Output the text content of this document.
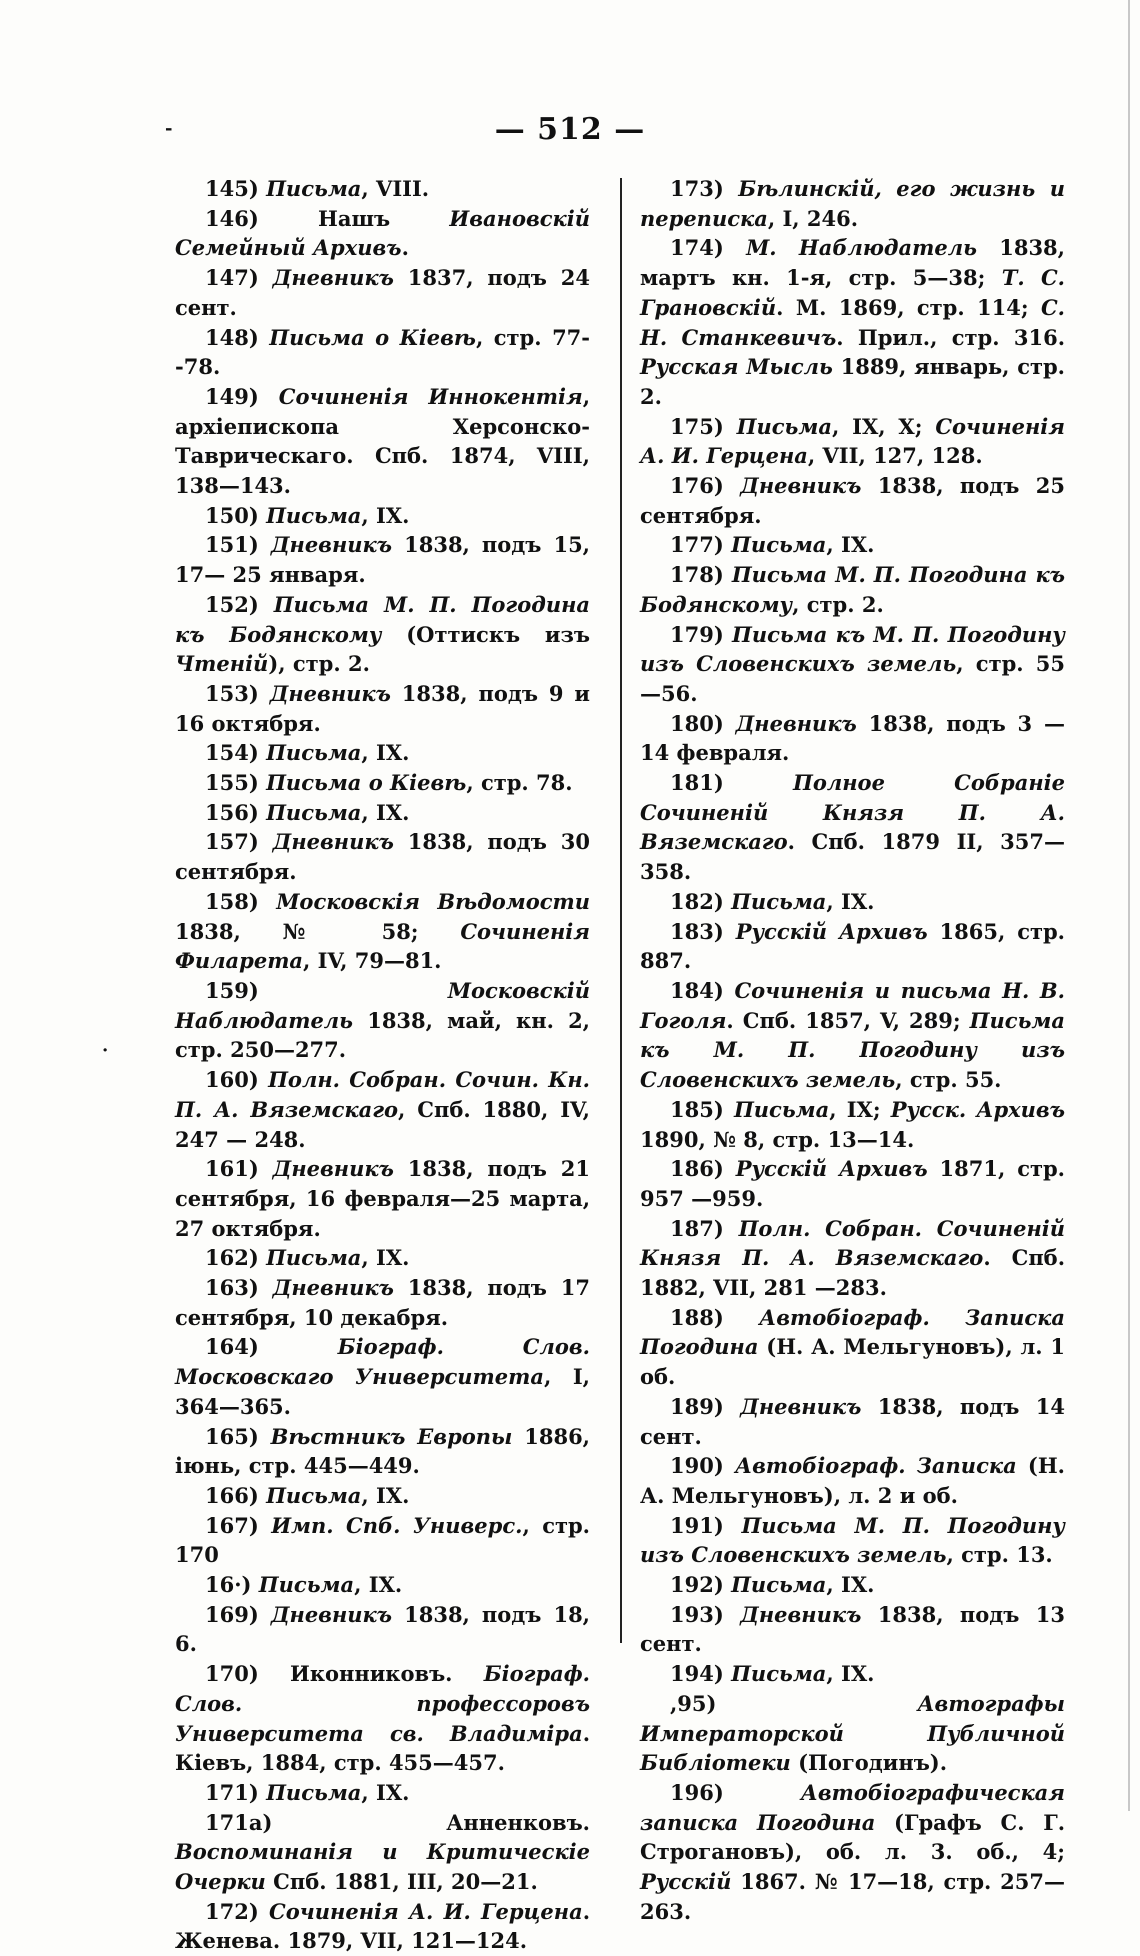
— 512 —
-
·

145) Письма, VIII.

146) Нашъ Ивановскій Семейный Архивъ.

147) Дневникъ 1837, подъ 24 сент.

148) Письма о Кіевѣ, стр. 77--78.

149) Сочиненія Иннокентія, архіепископа Херсонско-Таврическаго. Спб. 1874, VIII, 138—143.

150) Письма, IX.

151) Дневникъ 1838, подъ 15, 17— 25 января.

152) Письма М. П. Погодина къ Бодянскому (Оттискъ изъ Чтеній), стр. 2.

153) Дневникъ 1838, подъ 9 и 16 октября.

154) Письма, IX.

155) Письма о Кіевѣ, стр. 78.

156) Письма, IX.

157) Дневникъ 1838, подъ 30 сентября.

158) Московскія Вѣдомости 1838, № 58; Сочиненія Филарета, IV, 79—81.

159) Московскій Наблюдатель 1838, май, кн. 2, стр. 250—277.

160) Полн. Собран. Сочин. Кн. П. А. Вяземскаго, Спб. 1880, IV, 247 — 248.

161) Дневникъ 1838, подъ 21 сентября, 16 февраля—25 марта, 27 октября.

162) Письма, IX.

163) Дневникъ 1838, подъ 17 сентября, 10 декабря.

164) Біограф. Слов. Московскаго Университета, I, 364—365.

165) Вѣстникъ Европы 1886, іюнь, стр. 445—449.

166) Письма, IX.

167) Имп. Спб. Универс., стр. 170

16·) Письма, IX.

169) Дневникъ 1838, подъ 18, 6.

170) Иконниковъ. Біограф. Слов. профессоровъ Университета св. Владиміра. Кіевъ, 1884, стр. 455—457.

171) Письма, IX.

171а) Анненковъ. Воспоминанія и Критическіе Очерки Спб. 1881, III, 20—21.

172) Сочиненія А. И. Герцена. Женева. 1879, VII, 121—124.

173) Бѣлинскій, его жизнь и переписка, I, 246.

174) М. Наблюдатель 1838, мартъ кн. 1-я, стр. 5—38; Т. С. Грановскій. М. 1869, стр. 114; С. Н. Станкевичъ. Прил., стр. 316. Русская Мысль 1889, январь, стр. 2.

175) Письма, IX, X; Сочиненія А. И. Герцена, VII, 127, 128.

176) Дневникъ 1838, подъ 25 сентября.

177) Письма, IX.

178) Письма М. П. Погодина къ Бодянскому, стр. 2.

179) Письма къ М. П. Погодину изъ Словенскихъ земель, стр. 55 —56.

180) Дневникъ 1838, подъ 3 — 14 февраля.

181) Полное Собраніе Сочиненій Князя П. А. Вяземскаго. Спб. 1879 II, 357—358.

182) Письма, IX.

183) Русскій Архивъ 1865, стр. 887.

184) Сочиненія и письма Н. В. Гоголя. Спб. 1857, V, 289; Письма къ М. П. Погодину изъ Словенскихъ земель, стр. 55.

185) Письма, IX; Русск. Архивъ 1890, № 8, стр. 13—14.

186) Русскій Архивъ 1871, стр. 957 —959.

187) Полн. Собран. Сочиненій Князя П. А. Вяземскаго. Спб. 1882, VII, 281 —283.

188) Автобіограф. Записка Погодина (Н. А. Мельгуновъ), л. 1 об.

189) Дневникъ 1838, подъ 14 сент.

190) Автобіограф. Записка (Н. А. Мельгуновъ), л. 2 и об.

191) Письма М. П. Погодину изъ Словенскихъ земель, стр. 13.

192) Письма, IX.

193) Дневникъ 1838, подъ 13 сент.

194) Письма, IX.

,95) Автографы Императорской Публичной Библіотеки (Погодинъ).

196) Автобіографическая записка Погодина (Графъ С. Г. Строгановъ), об. л. 3. об., 4; Русскій 1867. № 17—18, стр. 257—263.
